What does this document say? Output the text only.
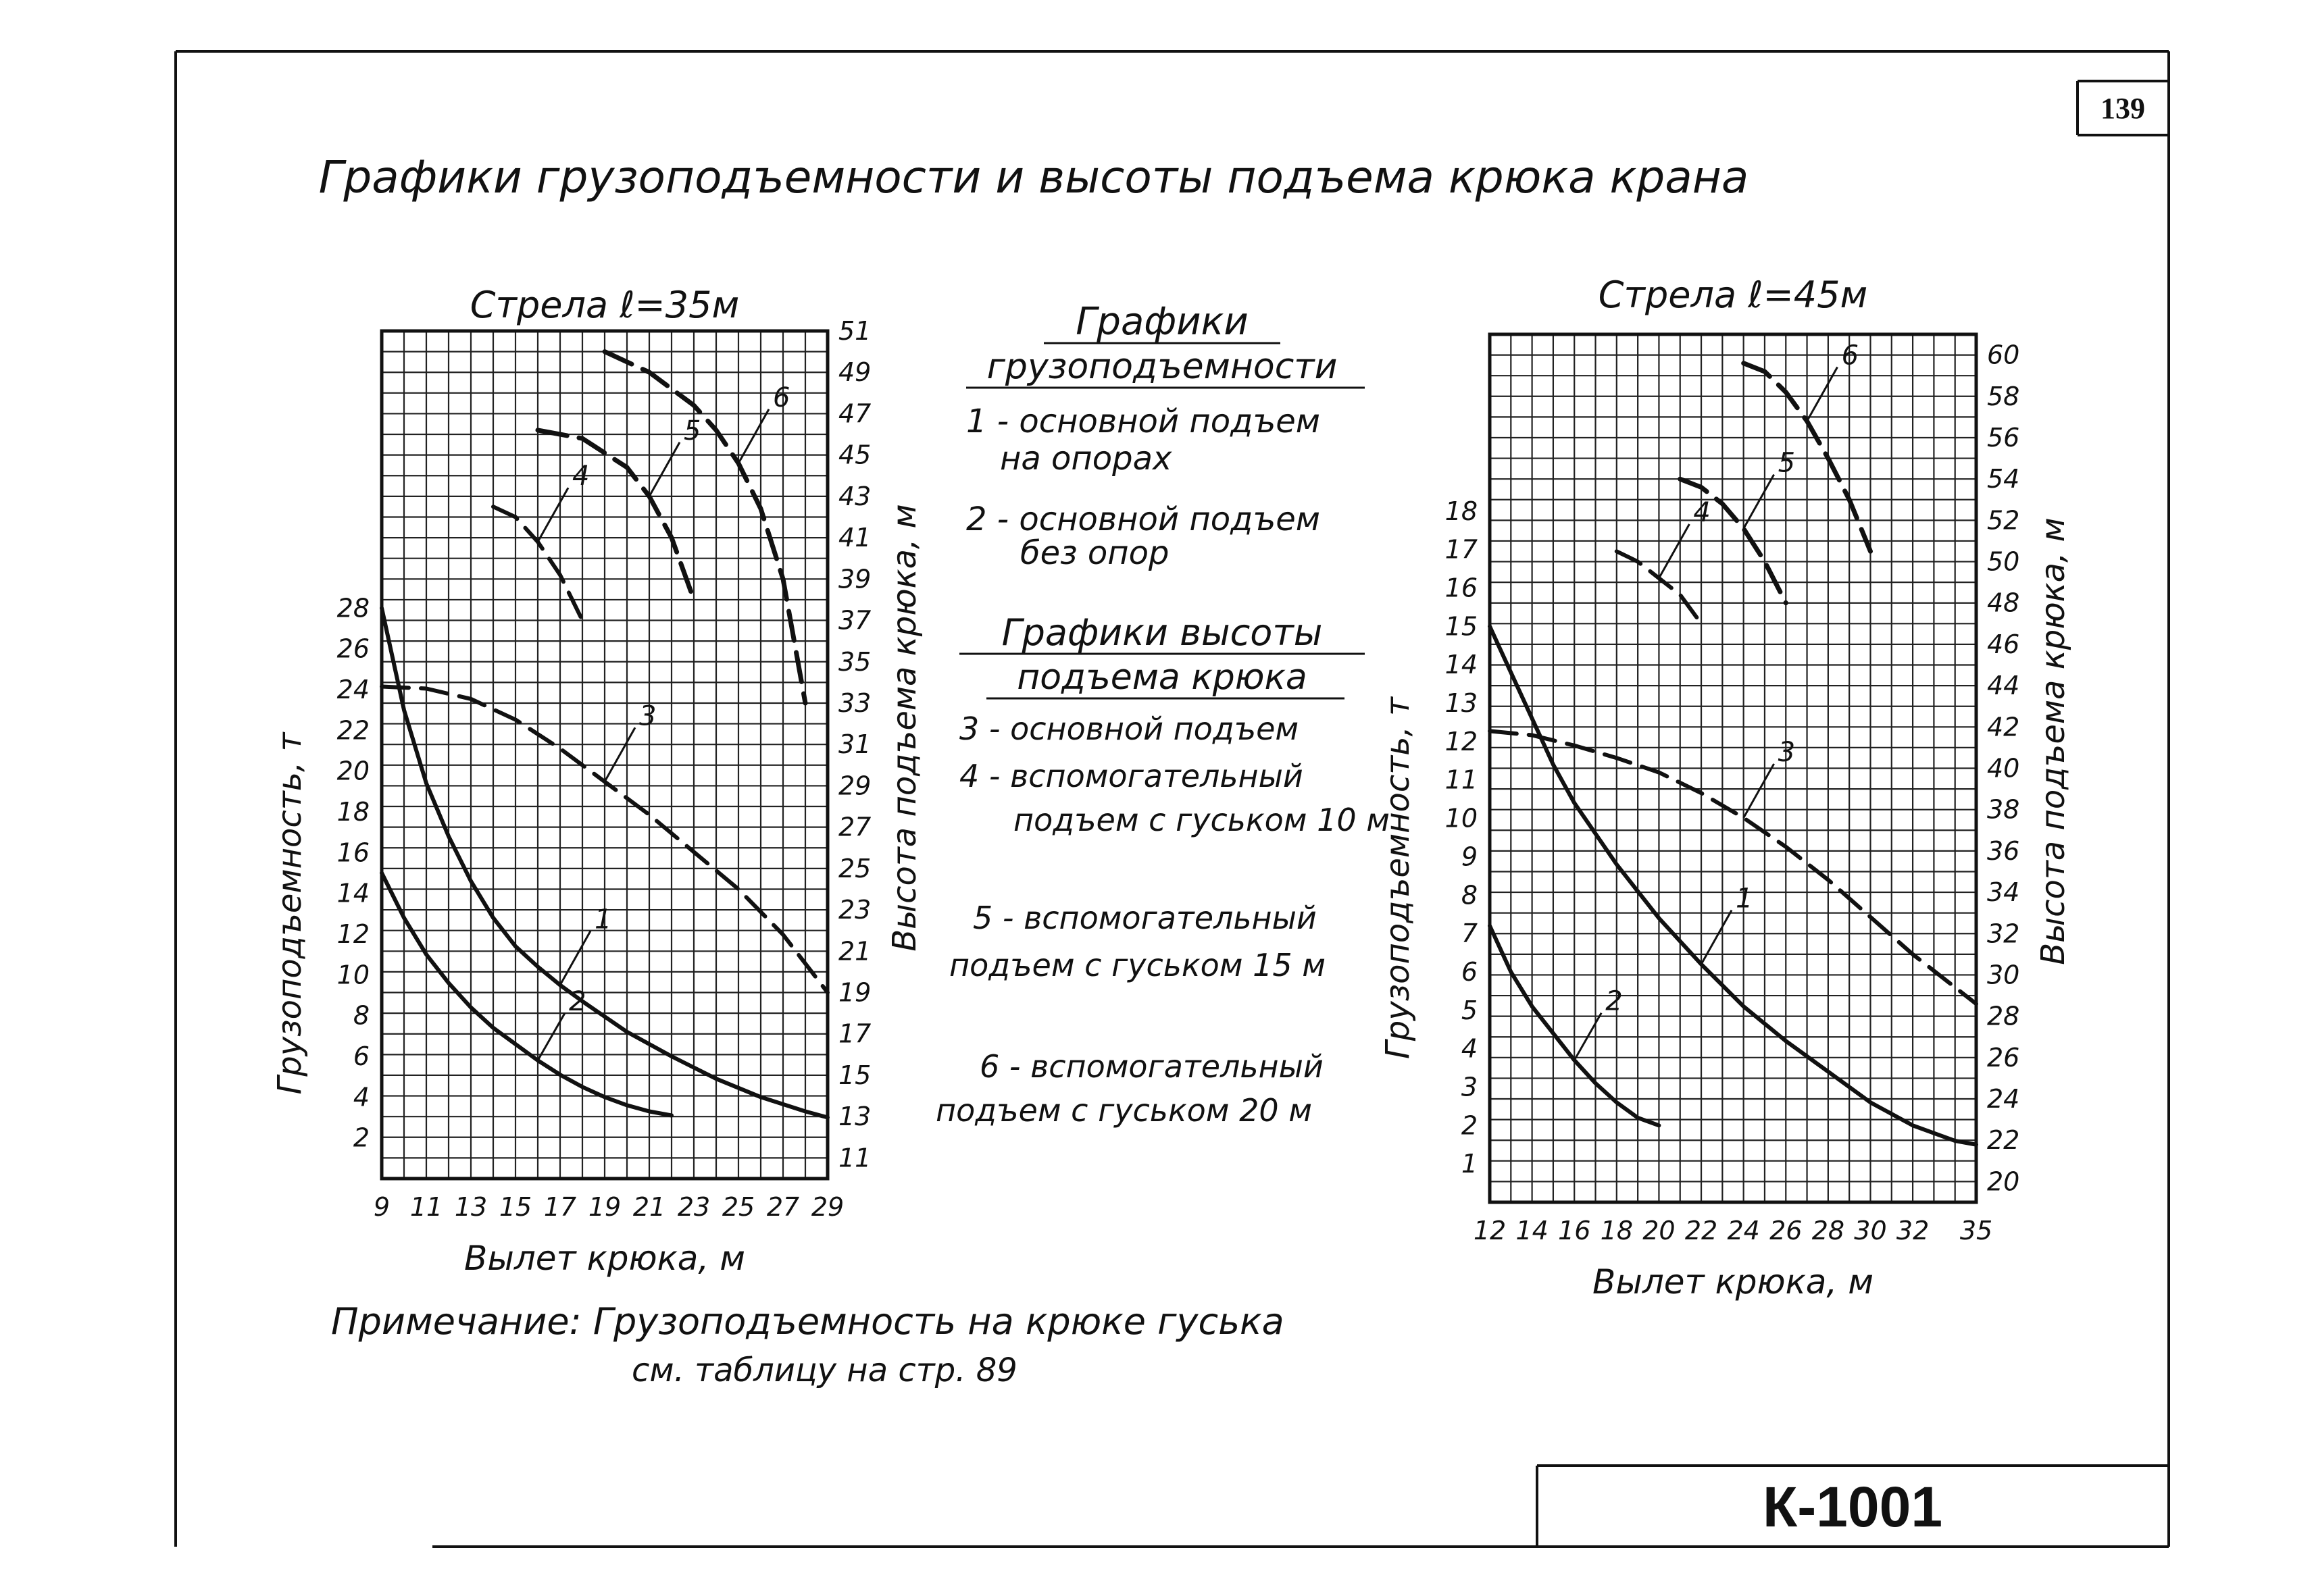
139
Графики грузоподъемности и высоты подъема крюка крана
К-1001
Стрела ℓ=35м
9 11 13 15 17 19 21 23 25 27 29
Вылет крюка, м
2
4
6
8
10
12
14
16
18
20
22
24
26
28
11
13
15
17
19
21
23
25
27
29
31
33
35
37
39
41
43
45
47
49
51
Грузоподъемность, т	Высота подъема крюка, м
1
2
3
4
5
6
Стрела ℓ=45м
12 14 16 18 20 22 24 26 28 30 32 35
Вылет крюка, м
1
2
3
4
5
6
7
8
9
10
11
12
13
14
15
16
17
18
20
22
24
26
28
30
32
34
36
38
40
42
44
46
48
50
52
54
56
58
60
Грузоподъемность, т	Высота подъема крюка, м
1
2
3
4
5
6
Графики
грузоподъемности
1 - основной подъем
на опорах
2 - основной подъем
без опор
Графики высоты
подъема крюка
3 - основной подъем
4 - вспомогательный
подъем с гуськом 10 м
5 - вспомогательный
подъем с гуськом 15 м
6 - вспомогательный
подъем с гуськом 20 м
Примечание: Грузоподъемность на крюке гуська
см. таблицу на стр. 89
